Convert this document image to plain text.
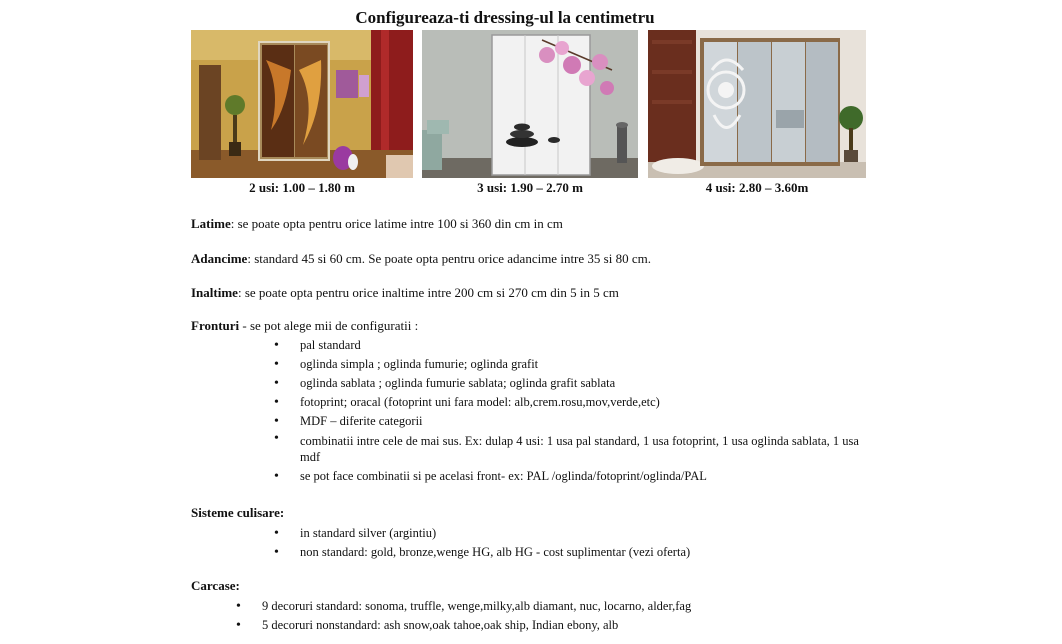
Configureaza-ti dressing-ul la centimetru
2 usi: 1.00 – 1.80 m	3 usi: 1.90 – 2.70 m	4 usi: 2.80 – 3.60m
Latime: se poate opta pentru orice latime intre 100 si 360 din cm in cm
Adancime: standard 45 si 60 cm. Se poate opta pentru orice adancime intre 35 si 80 cm.
Inaltime: se poate opta pentru orice inaltime intre 200 cm si 270 cm din 5 in 5 cm
Fronturi - se pot alege mii de configuratii :
• pal standard
• oglinda simpla ; oglinda fumurie; oglinda grafit
• oglinda sablata ; oglinda fumurie sablata; oglinda grafit sablata
• fotoprint; oracal (fotoprint uni fara model: alb,crem.rosu,mov,verde,etc)
• MDF – diferite categorii
• combinatii intre cele de mai sus. Ex: dulap 4 usi: 1 usa pal standard, 1 usa fotoprint, 1 usa oglinda sablata, 1 usa mdf
• se pot face combinatii si pe acelasi front- ex: PAL /oglinda/fotoprint/oglinda/PAL
Sisteme culisare:
• in standard silver (argintiu)
• non standard: gold, bronze,wenge HG, alb HG - cost suplimentar (vezi oferta)
Carcase:
• 9 decoruri standard: sonoma, truffle, wenge,milky,alb diamant, nuc, locarno, alder,fag
• 5 decoruri nonstandard: ash snow,oak tahoe,oak ship, Indian ebony, alb
